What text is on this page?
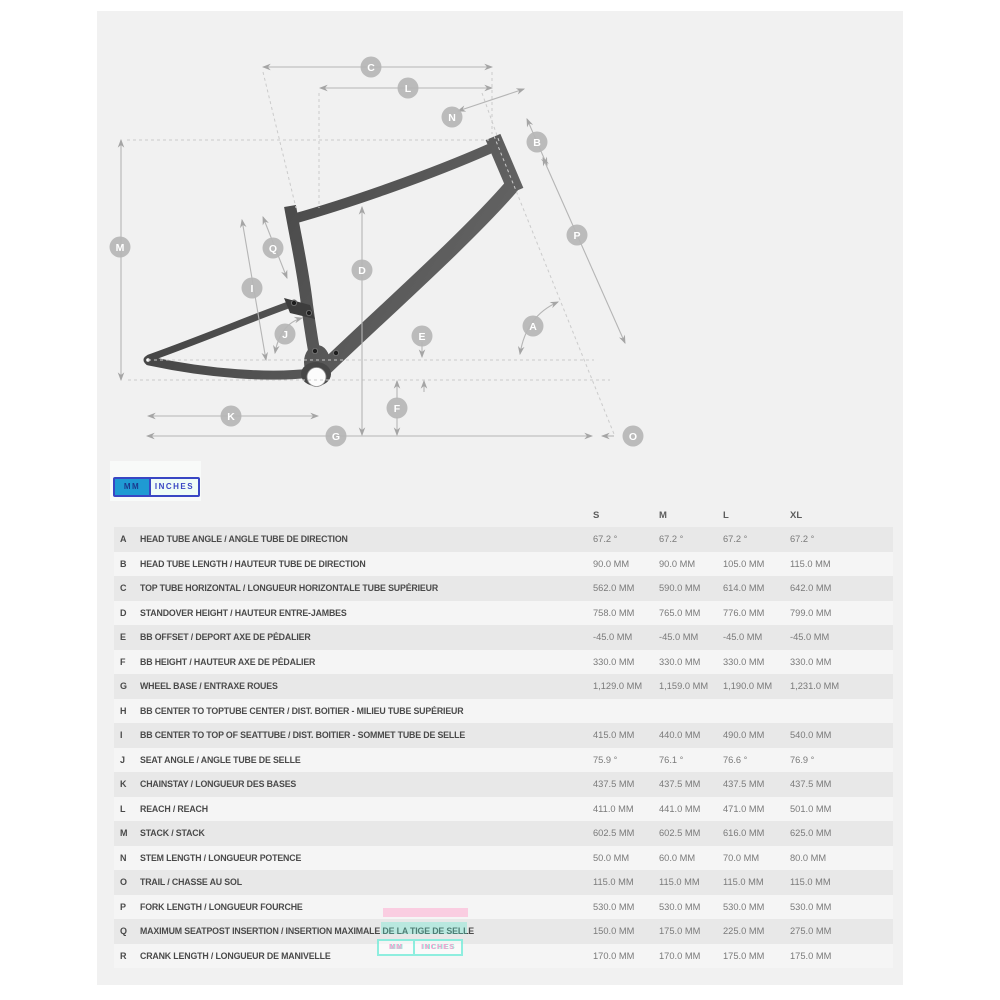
C
L
N
B
M	Q
I
D
P
J	E
A
F
K
G	O
MM	INCHES
S	M	L	XL
A	HEAD TUBE ANGLE / ANGLE TUBE DE DIRECTION	67.2 °	67.2 °	67.2 °	67.2 °
B	HEAD TUBE LENGTH / HAUTEUR TUBE DE DIRECTION	90.0 MM	90.0 MM	105.0 MM	115.0 MM
C	TOP TUBE HORIZONTAL / LONGUEUR HORIZONTALE TUBE SUPÉRIEUR	562.0 MM	590.0 MM	614.0 MM	642.0 MM
D	STANDOVER HEIGHT / HAUTEUR ENTRE-JAMBES	758.0 MM	765.0 MM	776.0 MM	799.0 MM
E	BB OFFSET / DEPORT AXE DE PÉDALIER	-45.0 MM	-45.0 MM	-45.0 MM	-45.0 MM
F	BB HEIGHT / HAUTEUR AXE DE PÉDALIER	330.0 MM	330.0 MM	330.0 MM	330.0 MM
G	WHEEL BASE / ENTRAXE ROUES	1,129.0 MM	1,159.0 MM	1,190.0 MM	1,231.0 MM
H	BB CENTER TO TOPTUBE CENTER / DIST. BOITIER - MILIEU TUBE SUPÉRIEUR
I	BB CENTER TO TOP OF SEATTUBE / DIST. BOITIER - SOMMET TUBE DE SELLE	415.0 MM	440.0 MM	490.0 MM	540.0 MM
J	SEAT ANGLE / ANGLE TUBE DE SELLE	75.9 °	76.1 °	76.6 °	76.9 °
K	CHAINSTAY / LONGUEUR DES BASES	437.5 MM	437.5 MM	437.5 MM	437.5 MM
L	REACH / REACH	411.0 MM	441.0 MM	471.0 MM	501.0 MM
M	STACK / STACK	602.5 MM	602.5 MM	616.0 MM	625.0 MM
N	STEM LENGTH / LONGUEUR POTENCE	50.0 MM	60.0 MM	70.0 MM	80.0 MM
O	TRAIL / CHASSE AU SOL	115.0 MM	115.0 MM	115.0 MM	115.0 MM
P	FORK LENGTH / LONGUEUR FOURCHE	530.0 MM	530.0 MM	530.0 MM	530.0 MM
Q	MAXIMUM SEATPOST INSERTION / INSERTION MAXIMALE DE LA TIGE DE SELLE	150.0 MM	175.0 MM	225.0 MM	275.0 MM
R	CRANK LENGTH / LONGUEUR DE MANIVELLE	170.0 MM	170.0 MM	175.0 MM	175.0 MM
MM	INCHES
